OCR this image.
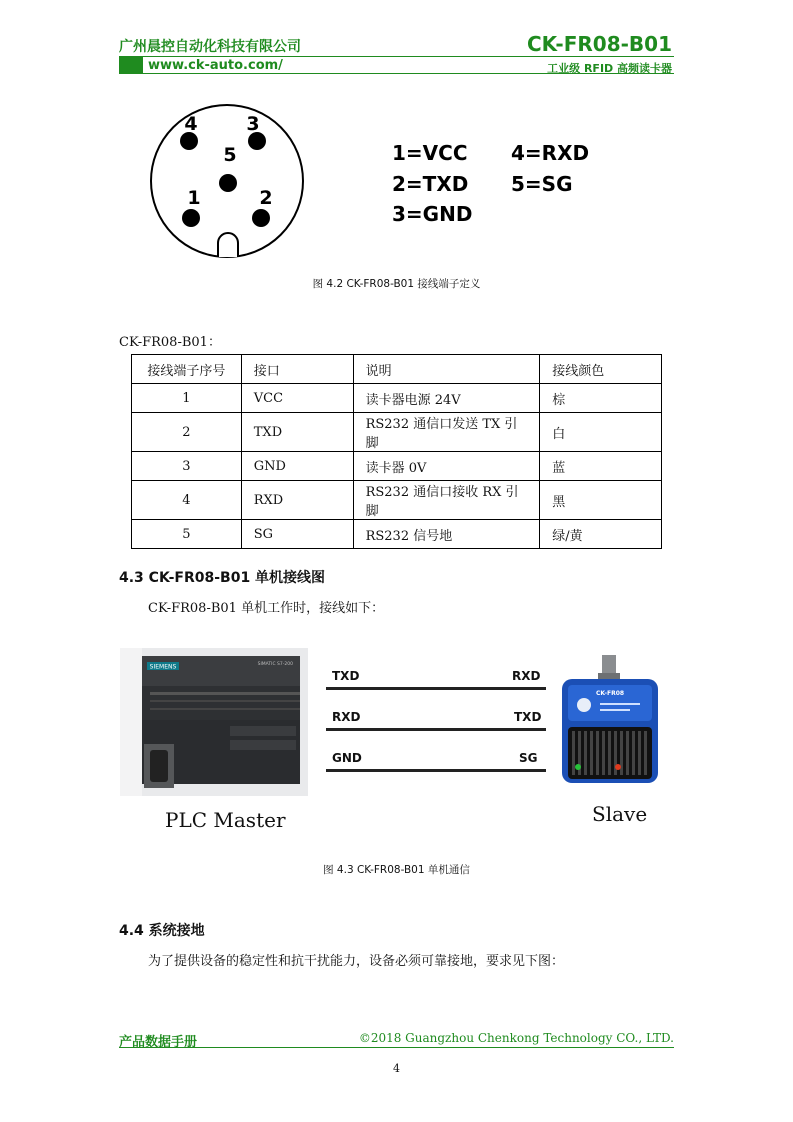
广州晨控自动化科技有限公司	CK-FR08-B01
www.ck-auto.com/	工业级 RFID 高频读卡器
4	3
5
1	2
1=VCC 4=RXD
2=TXD 5=SG
3=GND
图 4.2 CK-FR08-B01 接线端子定义
CK-FR08-B01：
接线端子序号	接口	说明	接线颜色
1	VCC	读卡器电源 24V	棕
2	TXD	RS232 通信口发送 TX 引脚	白
3	GND	读卡器 0V	蓝
4	RXD	RS232 通信口接收 RX 引脚	黑
5	SG	RS232 信号地	绿/黄
4.3 CK-FR08-B01 单机接线图
CK-FR08-B01 单机工作时，接线如下：
SIEMENS	SIMATIC S7-200
TXD	RXD
RXD	TXD
GND	SG
CK-FR08
PLC Master	Slave
图 4.3 CK-FR08-B01 单机通信
4.4 系统接地
为了提供设备的稳定性和抗干扰能力，设备必须可靠接地，要求见下图：
产品数据手册	©2018 Guangzhou Chenkong Technology CO., LTD.
4
